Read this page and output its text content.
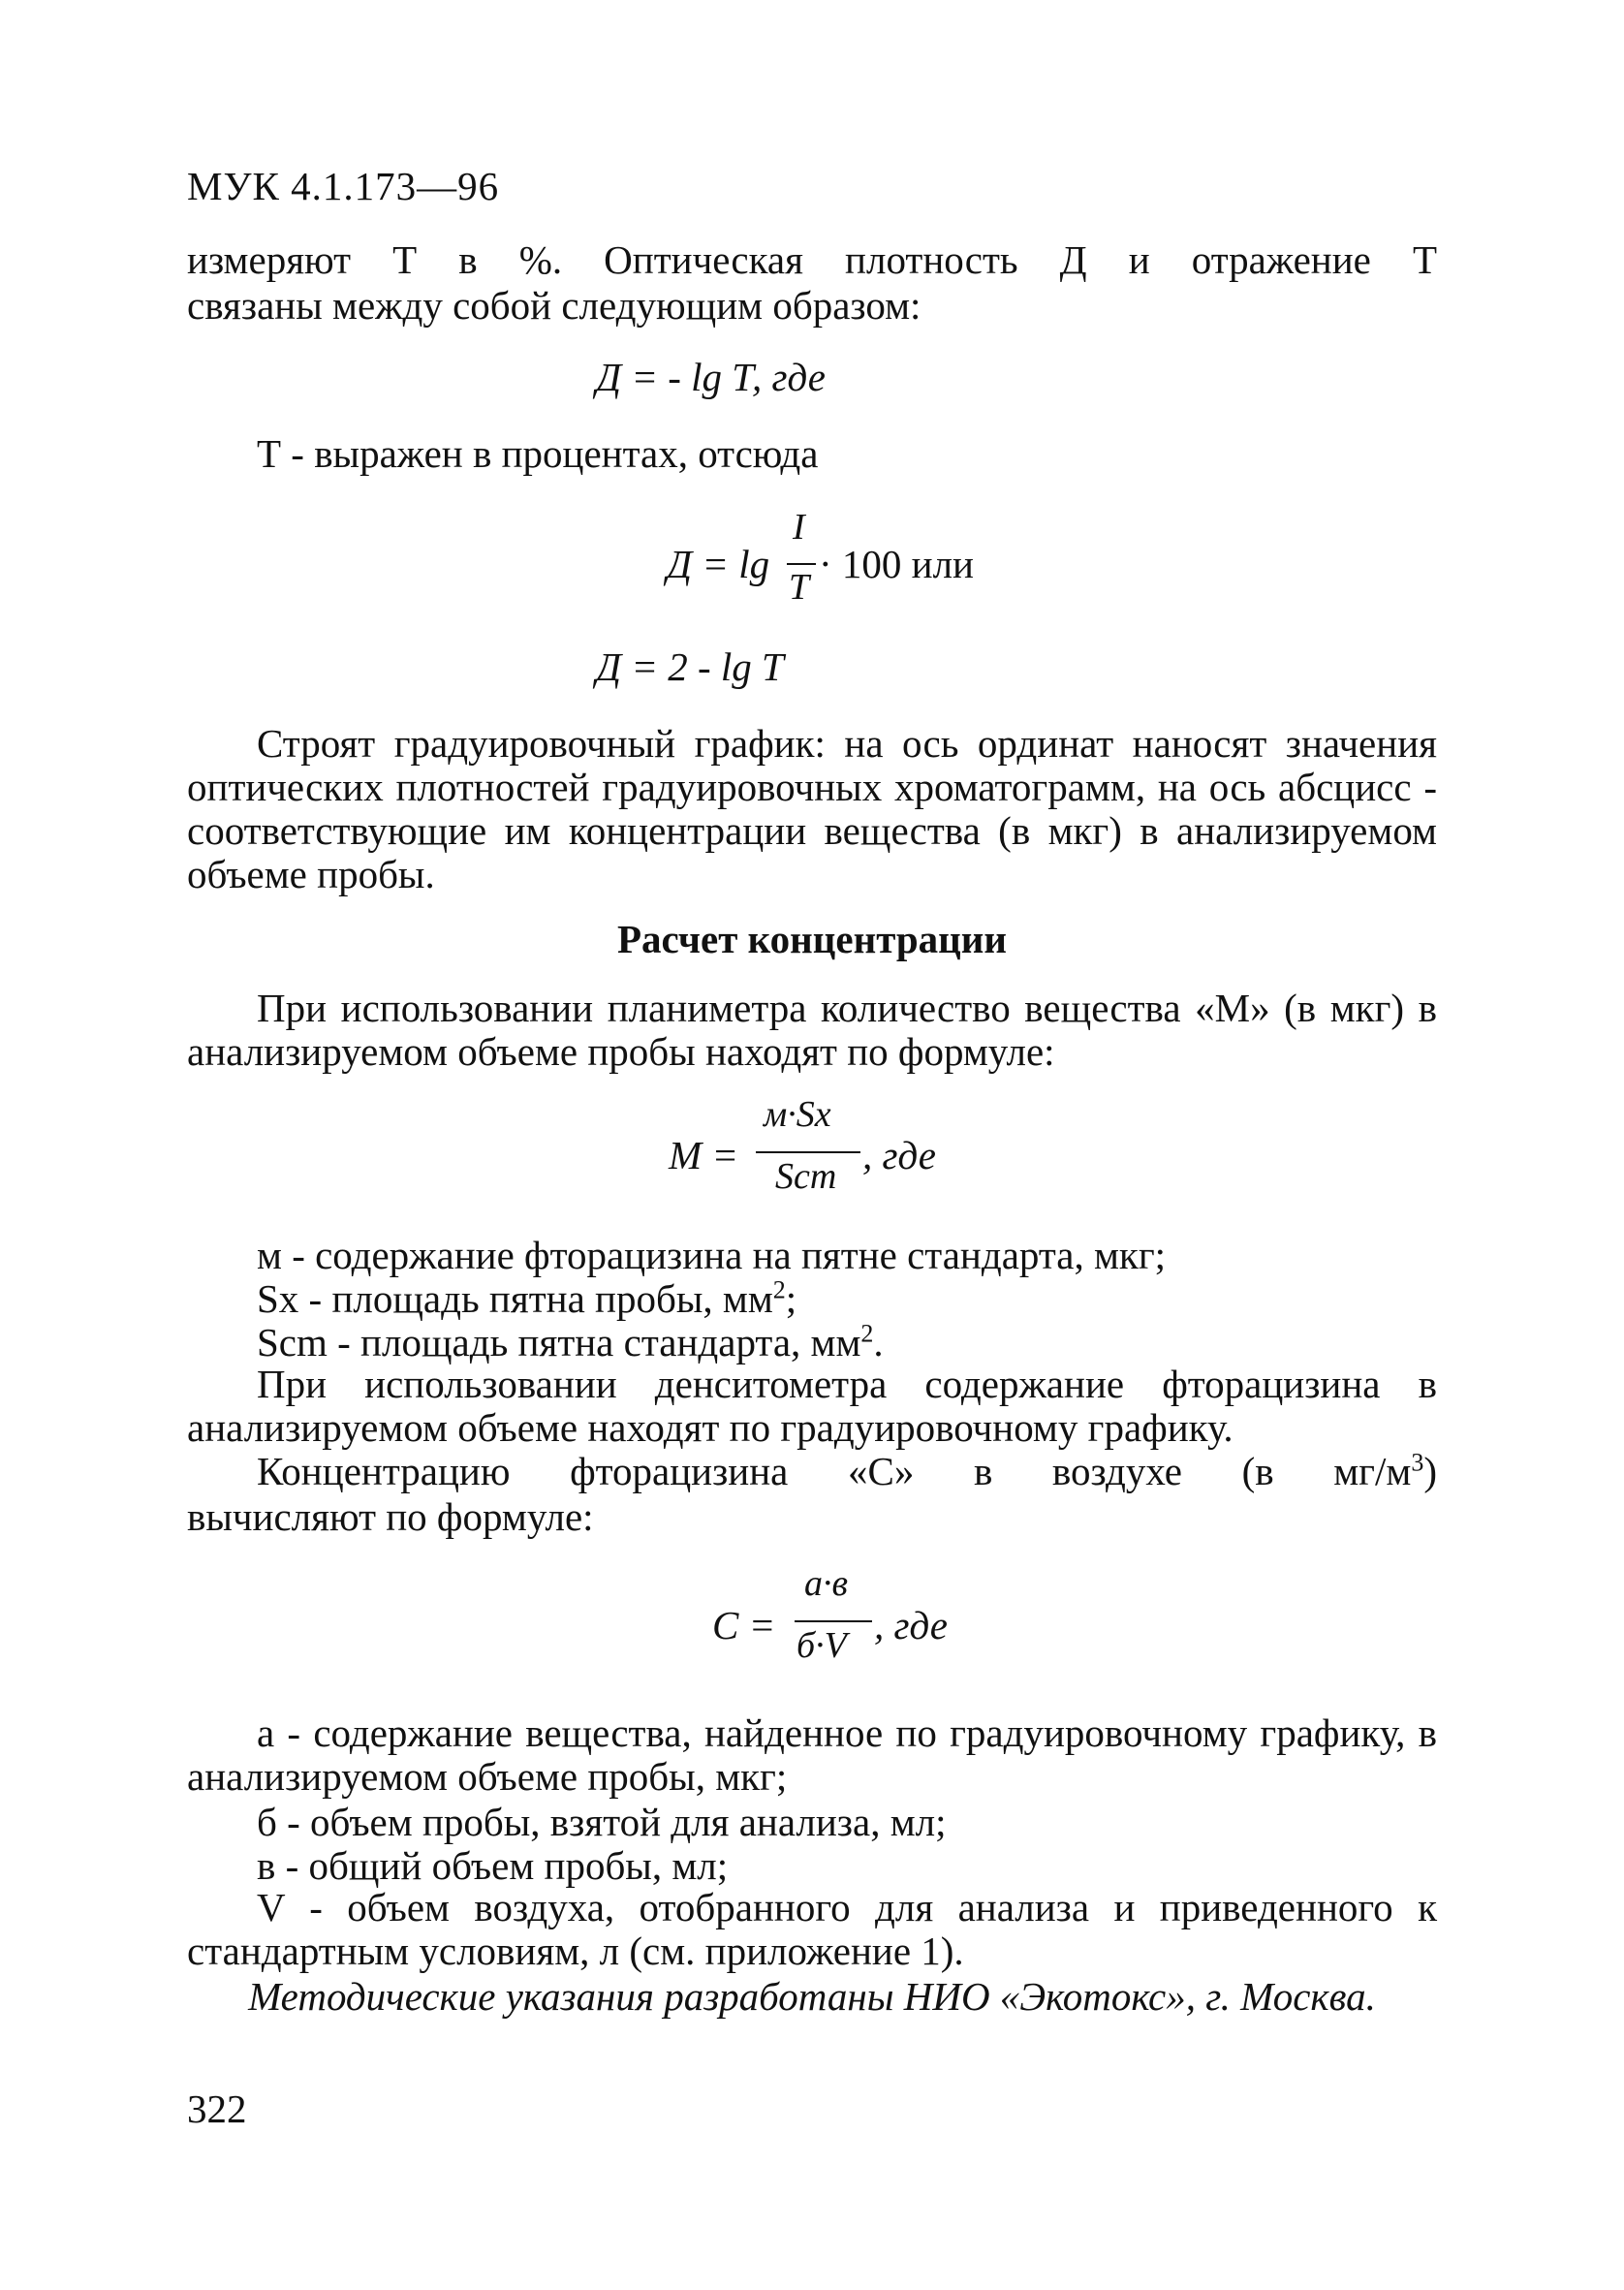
МУК 4.1.173—96
измеряют Т в %. Оптическая плотность Д и отражение Т
связаны между собой следующим образом:
Д = - lg Т, где
Т - выражен в процентах, отсюда
Д = lg
I
T
· 100 или
Д = 2 - lg Т
Строят градуировочный график: на ось ординат наносят значения оптических плотностей градуировочных хроматограмм, на ось абсцисс - соответствующие им концентрации вещества (в мкг) в анализируемом объеме пробы.
Расчет концентрации
При использовании планиметра количество вещества «М» (в мкг) в анализируемом объеме пробы находят по формуле:
М =
м·Sx
Scm , где
м - содержание фторацизина на пятне стандарта, мкг;
Sx - площадь пятна пробы, $мм^2$;
Scm - площадь пятна стандарта, $мм^2$.
При использовании денситометра содержание фторацизина в анализируемом объеме находят по градуировочному графику.
Концентрацию фторацизина «С» в воздухе (в $мг/м^3$)
вычисляют по формуле:
С =
а·в
б·V , где
а - содержание вещества, найденное по градуировочному графику, в анализируемом объеме пробы, мкг;
б - объем пробы, взятой для анализа, мл;
в - общий объем пробы, мл;
V - объем воздуха, отобранного для анализа и приведенного к стандартным условиям, л (см. приложение 1).
Методические указания разработаны НИО «Экотокс», г. Москва.
322
